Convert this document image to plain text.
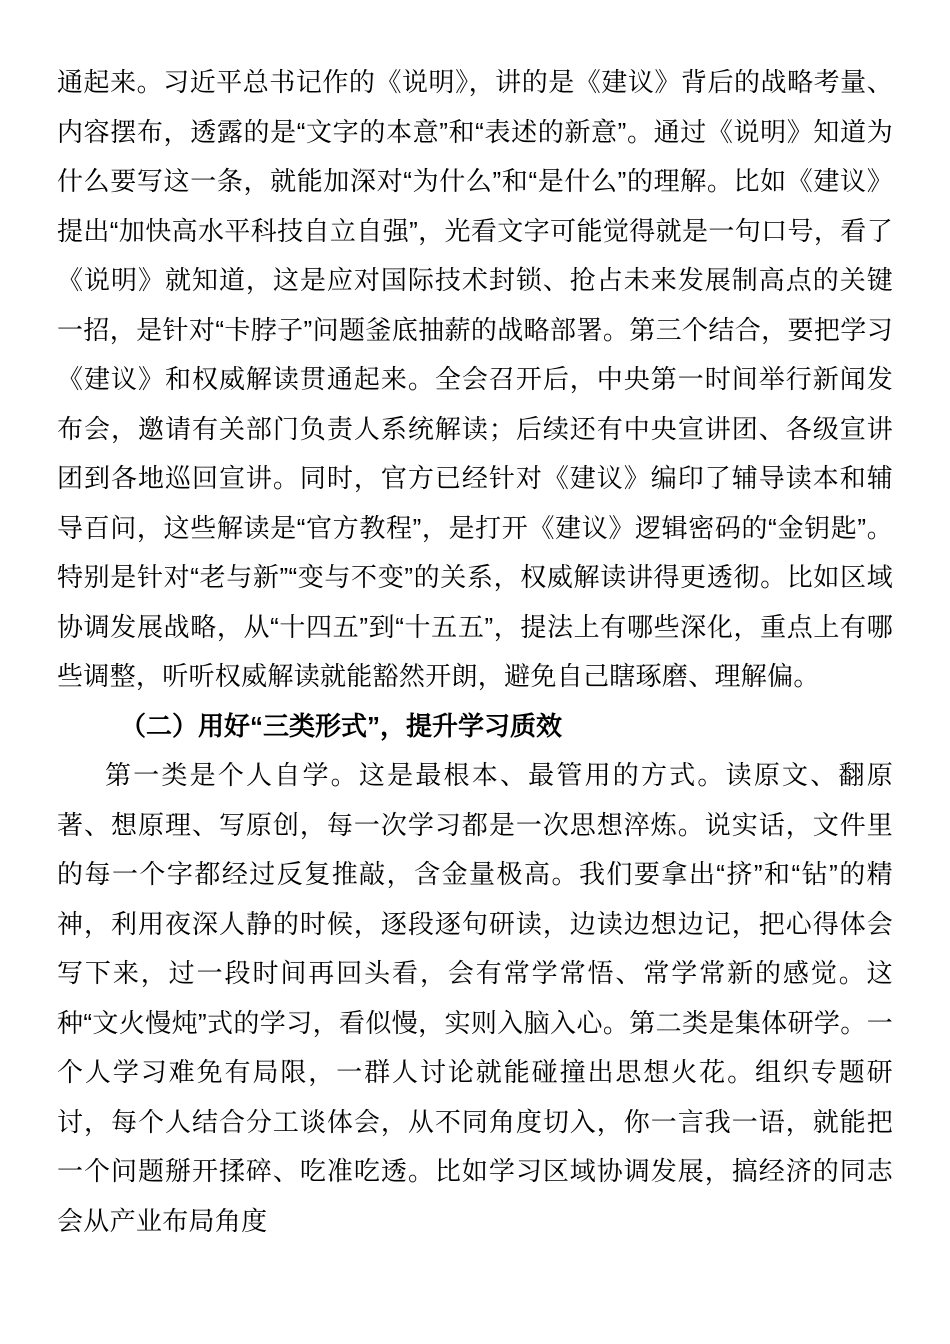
通起来。习近平总书记作的《说明》，讲的是《建议》背后的战略考量、内容摆布，透露的是“文字的本意”和“表述的新意”。通过《说明》知道为什么要写这一条，就能加深对“为什么”和“是什么”的理解。比如《建议》提出“加快高水平科技自立自强”，光看文字可能觉得就是一句口号，看了《说明》就知道，这是应对国际技术封锁、抢占未来发展制高点的关键一招，是针对“卡脖子”问题釜底抽薪的战略部署。第三个结合，要把学习《建议》和权威解读贯通起来。全会召开后，中央第一时间举行新闻发布会，邀请有关部门负责人系统解读；后续还有中央宣讲团、各级宣讲团到各地巡回宣讲。同时，官方已经针对《建议》编印了辅导读本和辅导百问，这些解读是“官方教程”，是打开《建议》逻辑密码的“金钥匙”。特别是针对“老与新”“变与不变”的关系，权威解读讲得更透彻。比如区域协调发展战略，从“十四五”到“十五五”，提法上有哪些深化，重点上有哪些调整，听听权威解读就能豁然开朗，避免自己瞎琢磨、理解偏。

（二）用好“三类形式”，提升学习质效

第一类是个人自学。这是最根本、最管用的方式。读原文、翻原著、想原理、写原创，每一次学习都是一次思想淬炼。说实话，文件里的每一个字都经过反复推敲，含金量极高。我们要拿出“挤”和“钻”的精神，利用夜深人静的时候，逐段逐句研读，边读边想边记，把心得体会写下来，过一段时间再回头看，会有常学常悟、常学常新的感觉。这种“文火慢炖”式的学习，看似慢，实则入脑入心。第二类是集体研学。一个人学习难免有局限，一群人讨论就能碰撞出思想火花。组织专题研讨，每个人结合分工谈体会，从不同角度切入，你一言我一语，就能把一个问题掰开揉碎、吃准吃透。比如学习区域协调发展，搞经济的同志会从产业布局角度
